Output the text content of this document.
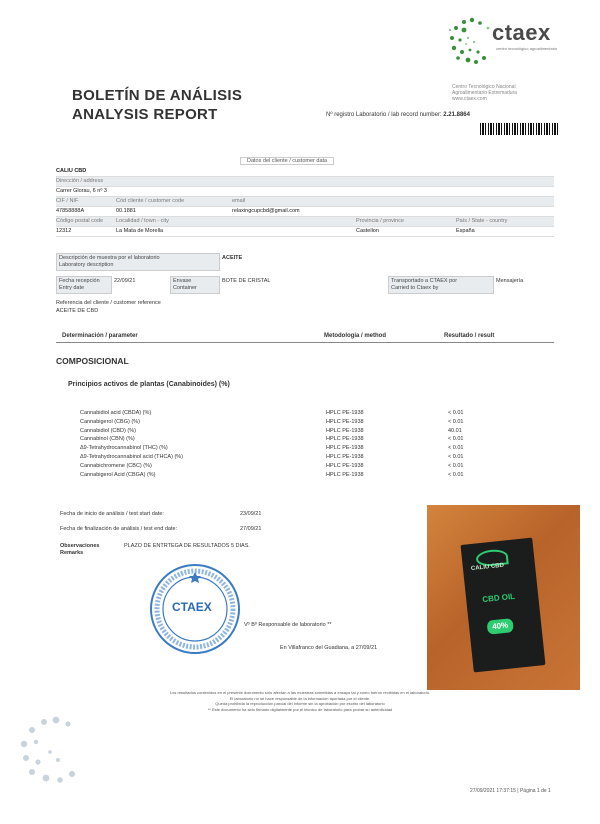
ctaex
centro tecnológico agroalimentario
Centro Tecnológico Nacional
Agroalimentario Extremadura
www.ctaex.com
BOLETÍN DE ANÁLISIS
ANALYSIS REPORT	Nº registro Laboratorio / lab record number: 2.21.8864
CALIU CBD
Dirección / address
Carrer Glorau, 6 nº 3
CIF / NIF	Cód cliente / customer code	email
47858888A	00.1881	relaxingcupcbd@gmail.com
Código postal code Localidad / town - city	Provincia / province	País / State - country
12312	La Mata de Morella	Castellon	España
Datos del cliente / customer data
Descripción de muestra por el laboratorio
Laboratory description
ACEITE
Fecha recepción
Entry date
22/09/21	Envase
Container
BOTE DE CRISTAL	Transportado a CTAEX por
Carried to Ctaex by
Mensajería
Referencia del cliente / customer reference
ACEITE DE CBD
Determinación / parameter	Metodología / method	Resultado / result
COMPOSICIONAL
Principios activos de plantas (Canabinoides) (%)
Cannabidiol acid (CBDA) (%)	HPLC PE-1938	< 0.01
Cannabigerol (CBG) (%)	HPLC PE-1938	< 0.01
Cannabidiol (CBD) (%)	HPLC PE-1938	40.01
Cannabinol (CBN) (%)	HPLC PE-1938	< 0.01
Δ9-Tetrahydrocannabinol (THC) (%)	HPLC PE-1938	< 0.01
Δ9-Tetrahydrocannabinol acid (THCA) (%)	HPLC PE-1938	< 0.01
Cannabichromene (CBC) (%)	HPLC PE-1938	< 0.01
Cannabigerol Acid (CBGA) (%)	HPLC PE-1938	< 0.01
Fecha de inicio de análisis / test start date:	23/09/21
Fecha de finalización de análisis / test end date:	27/09/21
Observaciones
Remarks
PLAZO DE ENTRTEGA DE RESULTADOS 5 DIAS.
CTAEX
Vº Bº Responsable de laboratorio **
En Villafranco del Guadiana, a 27/09/21
CALIU CBD
CBD OIL
40%
Los resultados contenidos en el presente documento sólo afectan a las muestras sometidas a ensayo tal y como fueron recibidas en el laboratorio.
El laboratorio no se hace responsable de la información aportada por el cliente.
Queda prohibida la reproducción parcial del informe sin la aprobación por escrito del laboratorio
** Este documento ha sido firmado digitalmente por el técnico de laboratorio para probar su autenticidad
27/09/2021 17:37:15 | Página 1 de 1
